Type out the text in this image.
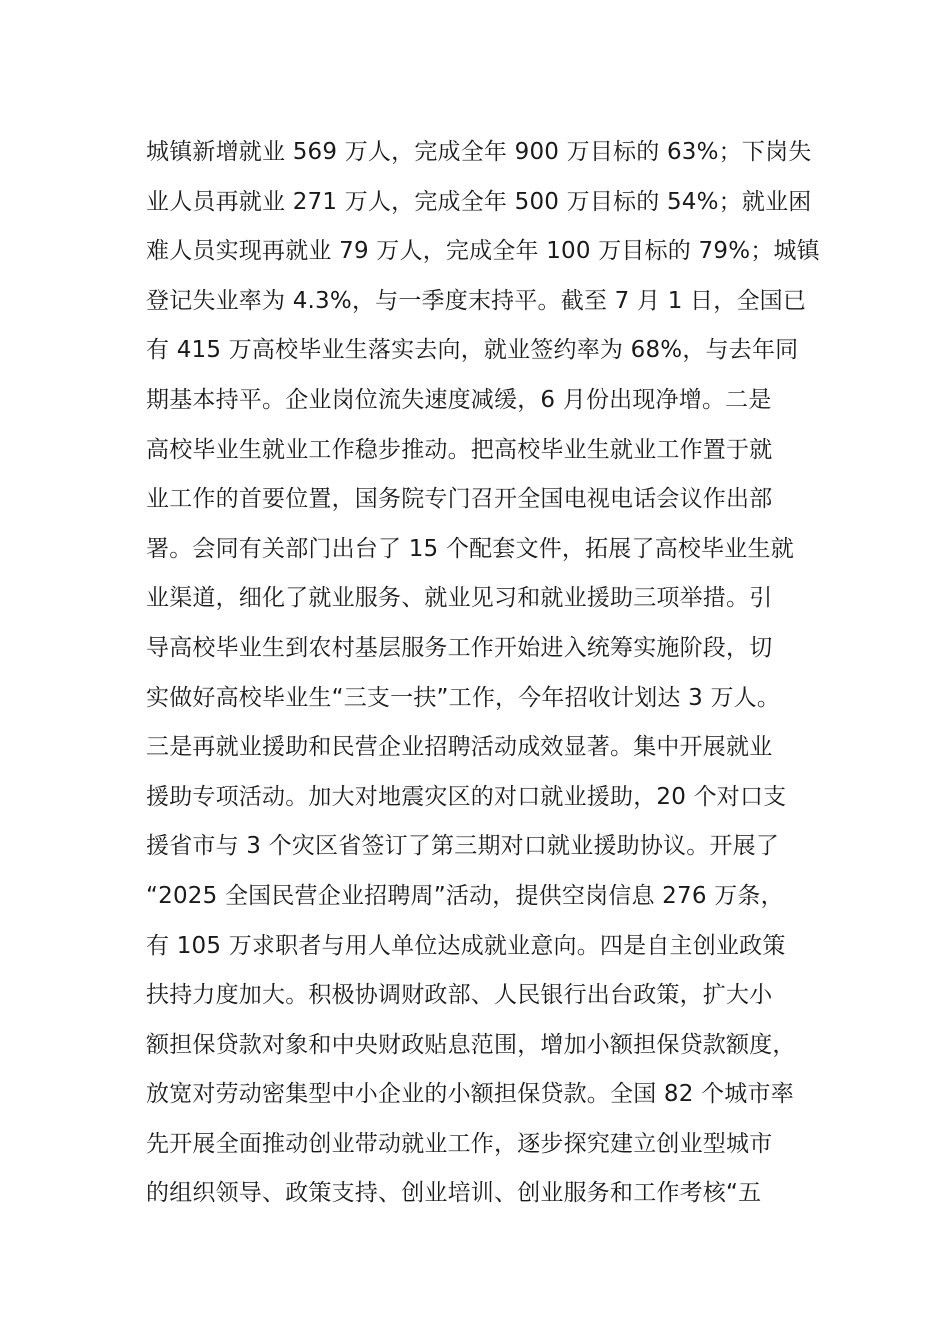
城镇新增就业 569 万人，完成全年 900 万目标的 63%；下岗失
业人员再就业 271 万人，完成全年 500 万目标的 54%；就业困
难人员实现再就业 79 万人，完成全年 100 万目标的 79%；城镇
登记失业率为 4.3%，与一季度末持平。截至 7 月 1 日，全国已
有 415 万高校毕业生落实去向，就业签约率为 68%，与去年同
期基本持平。企业岗位流失速度减缓，6 月份出现净增。二是
高校毕业生就业工作稳步推动。把高校毕业生就业工作置于就
业工作的首要位置，国务院专门召开全国电视电话会议作出部
署。会同有关部门出台了 15 个配套文件，拓展了高校毕业生就
业渠道，细化了就业服务、就业见习和就业援助三项举措。引
导高校毕业生到农村基层服务工作开始进入统筹实施阶段，切
实做好高校毕业生“三支一扶”工作，今年招收计划达 3 万人。
三是再就业援助和民营企业招聘活动成效显著。集中开展就业
援助专项活动。加大对地震灾区的对口就业援助，20 个对口支
援省市与 3 个灾区省签订了第三期对口就业援助协议。开展了
“2025 全国民营企业招聘周”活动，提供空岗信息 276 万条，
有 105 万求职者与用人单位达成就业意向。四是自主创业政策
扶持力度加大。积极协调财政部、人民银行出台政策，扩大小
额担保贷款对象和中央财政贴息范围，增加小额担保贷款额度，
放宽对劳动密集型中小企业的小额担保贷款。全国 82 个城市率
先开展全面推动创业带动就业工作，逐步探究建立创业型城市
的组织领导、政策支持、创业培训、创业服务和工作考核“五
